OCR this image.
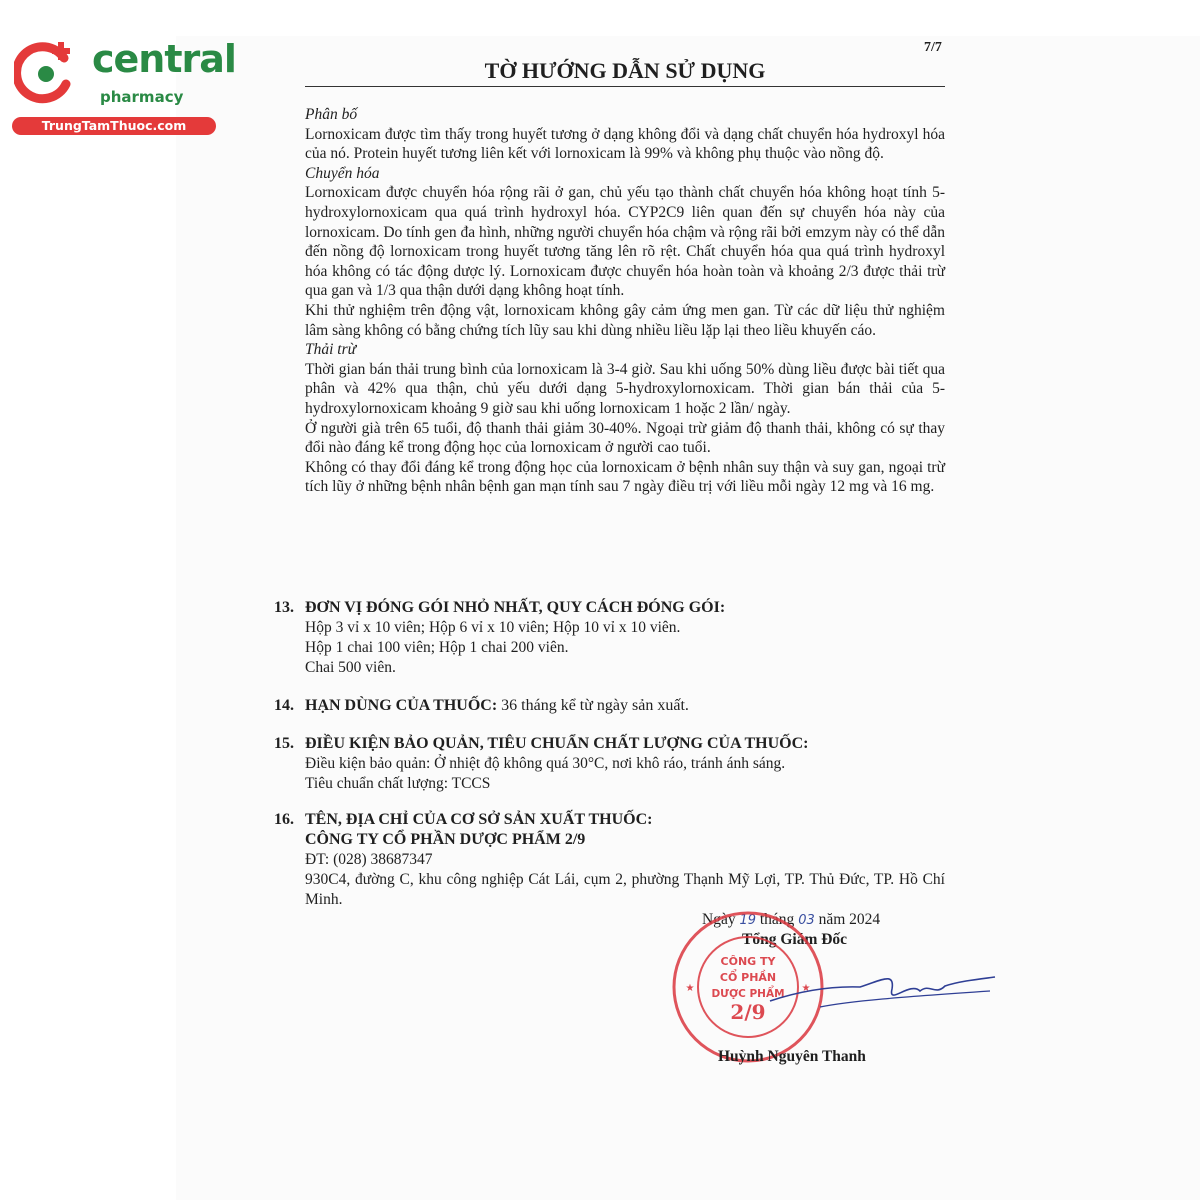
central
pharmacy
TrungTamThuoc.com
7/7
TỜ HƯỚNG DẪN SỬ DỤNG

Phân bố

Lornoxicam được tìm thấy trong huyết tương ở dạng không đổi và dạng chất chuyển hóa hydroxyl hóa của nó. Protein huyết tương liên kết với lornoxicam là 99% và không phụ thuộc vào nồng độ.

Chuyển hóa

Lornoxicam được chuyển hóa rộng rãi ở gan, chủ yếu tạo thành chất chuyển hóa không hoạt tính 5-hydroxylornoxicam qua quá trình hydroxyl hóa. CYP2C9 liên quan đến sự chuyển hóa này của lornoxicam. Do tính gen đa hình, những người chuyển hóa chậm và rộng rãi bởi emzym này có thể dẫn đến nồng độ lornoxicam trong huyết tương tăng lên rõ rệt. Chất chuyển hóa qua quá trình hydroxyl hóa không có tác động dược lý. Lornoxicam được chuyển hóa hoàn toàn và khoảng 2/3 được thải trừ qua gan và 1/3 qua thận dưới dạng không hoạt tính.

Khi thử nghiệm trên động vật, lornoxicam không gây cảm ứng men gan. Từ các dữ liệu thử nghiệm lâm sàng không có bằng chứng tích lũy sau khi dùng nhiều liều lặp lại theo liều khuyến cáo.

Thải trừ

Thời gian bán thải trung bình của lornoxicam là 3-4 giờ. Sau khi uống 50% dùng liều được bài tiết qua phân và 42% qua thận, chủ yếu dưới dạng 5-hydroxylornoxicam. Thời gian bán thải của 5-hydroxylornoxicam khoảng 9 giờ sau khi uống lornoxicam 1 hoặc 2 lần/ ngày.

Ở người già trên 65 tuổi, độ thanh thải giảm 30-40%. Ngoại trừ giảm độ thanh thải, không có sự thay đổi nào đáng kể trong động học của lornoxicam ở người cao tuổi.

Không có thay đổi đáng kể trong động học của lornoxicam ở bệnh nhân suy thận và suy gan, ngoại trừ tích lũy ở những bệnh nhân bệnh gan mạn tính sau 7 ngày điều trị với liều mỗi ngày 12 mg và 16 mg.

13. ĐƠN VỊ ĐÓNG GÓI NHỎ NHẤT, QUY CÁCH ĐÓNG GÓI:
Hộp 3 vỉ x 10 viên; Hộp 6 vỉ x 10 viên; Hộp 10 vỉ x 10 viên.
Hộp 1 chai 100 viên; Hộp 1 chai 200 viên.
Chai 500 viên.
14. HẠN DÙNG CỦA THUỐC: 36 tháng kể từ ngày sản xuất.
15. ĐIỀU KIỆN BẢO QUẢN, TIÊU CHUẨN CHẤT LƯỢNG CỦA THUỐC:
Điều kiện bảo quản: Ở nhiệt độ không quá 30°C, nơi khô ráo, tránh ánh sáng.
Tiêu chuẩn chất lượng: TCCS
16. TÊN, ĐỊA CHỈ CỦA CƠ SỞ SẢN XUẤT THUỐC:
CÔNG TY CỔ PHẦN DƯỢC PHẨM 2/9
ĐT: (028) 38687347
930C4, đường C, khu công nghiệp Cát Lái, cụm 2, phường Thạnh Mỹ Lợi, TP. Thủ Đức, TP. Hồ Chí Minh.
Ngày 19 tháng 03 năm 2024
Tổng Giám Đốc
CÔNG TY
CỔ PHẦN
DƯỢC PHẨM
2/9
★	★
Huỳnh Nguyên Thanh
